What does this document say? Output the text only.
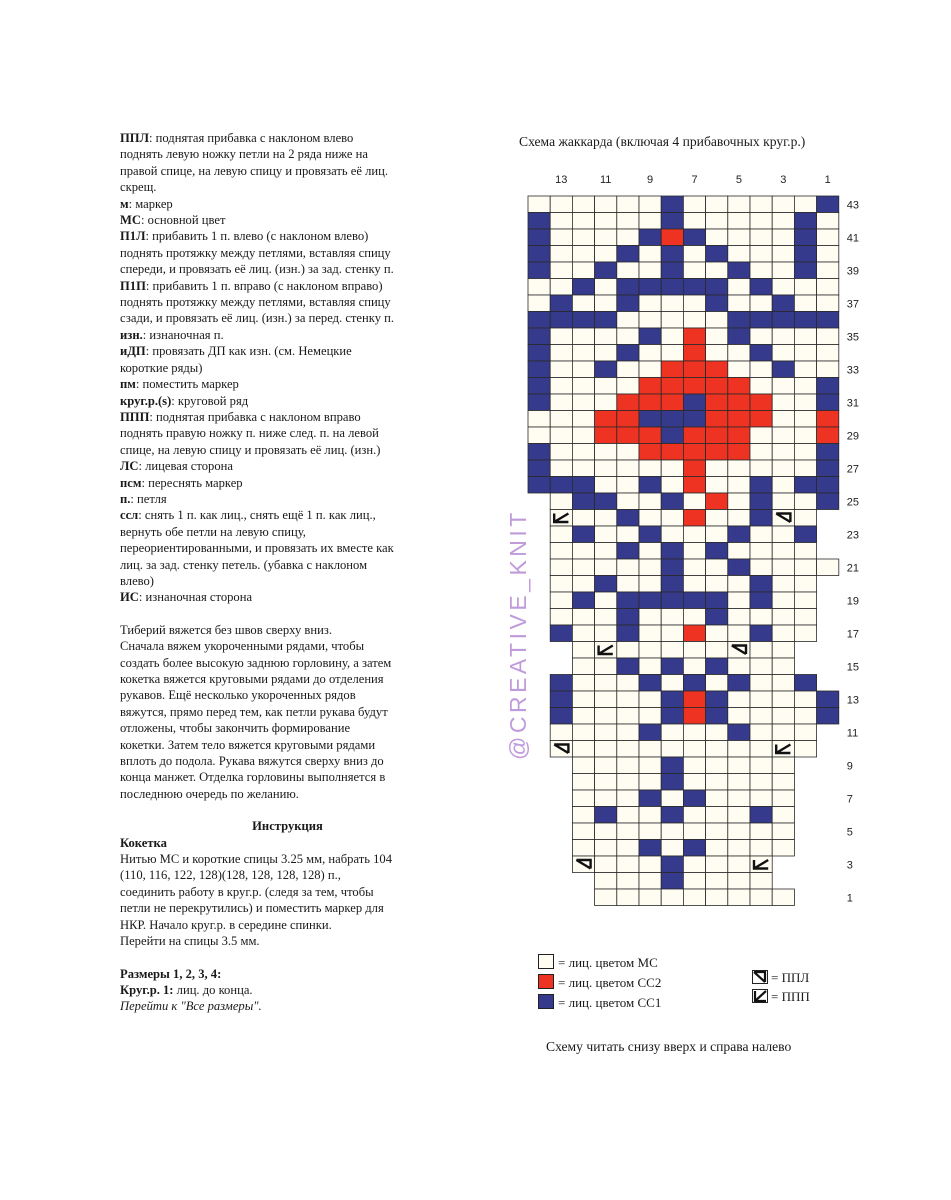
ППЛ: поднятая прибавка с наклоном влево

поднять левую ножку петли на 2 ряда ниже на

правой спице, на левую спицу и провязать её лиц.

скрещ.

м: маркер

МС: основной цвет

П1Л: прибавить 1 п. влево (с наклоном влево)

поднять протяжку между петлями, вставляя спицу

спереди, и провязать её лиц. (изн.) за зад. стенку п.

П1П: прибавить 1 п. вправо (с наклоном вправо)

поднять протяжку между петлями, вставляя спицу

сзади, и провязать её лиц. (изн.) за перед. стенку п.

изн.: изнаночная п.

иДП: провязать ДП как изн. (см. Немецкие

короткие ряды)

пм: поместить маркер

круг.р.(s): круговой ряд

ППП: поднятая прибавка с наклоном вправо

поднять правую ножку п. ниже след. п. на левой

спице, на левую спицу и провязать её лиц. (изн.)

ЛС: лицевая сторона

псм: переснять маркер

п.: петля

ссл: снять 1 п. как лиц., снять ещё 1 п. как лиц.,

вернуть обе петли на левую спицу,

переориентированными, и провязать их вместе как

лиц. за зад. стенку петель. (убавка с наклоном

влево)

ИС: изнаночная сторона

Тиберий вяжется без швов сверху вниз.

Сначала вяжем укороченными рядами, чтобы

создать более высокую заднюю горловину, а затем

кокетка вяжется круговыми рядами до отделения

рукавов. Ещё несколько укороченных рядов

вяжутся, прямо перед тем, как петли рукава будут

отложены, чтобы закончить формирование

кокетки. Затем тело вяжется круговыми рядами

вплоть до подола. Рукава вяжутся сверху вниз до

конца манжет. Отделка горловины выполняется в

последнюю очередь по желанию.

Инструкция

Кокетка

Нитью МС и короткие спицы 3.25 мм, набрать 104

(110, 116, 122, 128)(128, 128, 128, 128) п.,

соединить работу в круг.р. (следя за тем, чтобы

петли не перекрутились) и поместить маркер для

НКР. Начало круг.р. в середине спинки.

Перейти на спицы 3.5 мм.

Размеры 1, 2, 3, 4:

Круг.р. 1: лиц. до конца.

Перейти к "Все размеры".

Схема жаккарда (включая 4 прибавочных круг.р.)
13	11	9	7	5	3	1
43
41
39
37
35
33
31
29
27
25
23
21
19
17
15
13
11
9
7
5
3
1
@CREATIVE_KNIT
= лиц. цветом МС
= лиц. цветом СС2
= лиц. цветом СС1
= ППЛ
= ППП
Схему читать снизу вверх и справа налево
